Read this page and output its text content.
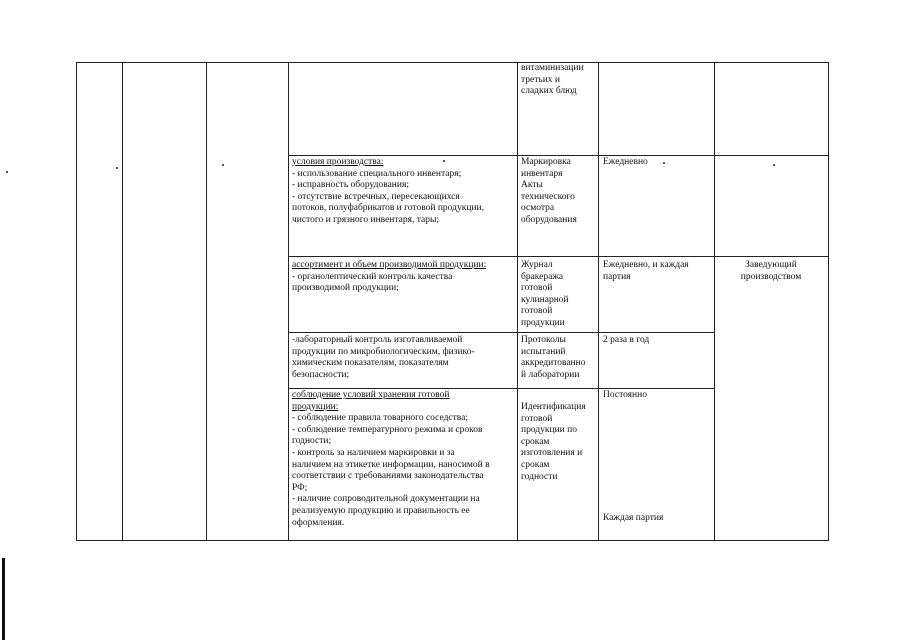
витаминизации
третьих и
сладких блюд
условия производства:
- использование специального инвентаря;
- исправность оборудования;
- отсутствие встречных, пересекающихся
потоков, полуфабрикатов и готовой продукции,
чистого и грязного инвентаря, тары;
Маркировка
инвентаря
Акты
технического
осмотра
оборудования
Ежедневно
ассортимент и объем производимой продукции:
- органолептический контроль качества
производимой продукции;
Журнал
бракеража
готовой
кулинарной
готовой
продукции
Ежедневно, и каждая
партия
Заведующий
производством
-лабораторный контроль изготавливаемой
продукции по микробиологическим, физико-
химическим показателям, показателям
безопасности;
Протоколы
испытаний
аккредитованно
й лаборатории
2 раза в год
соблюдение условий хранения готовой
продукции:
- соблюдение правила товарного соседства;
- соблюдение температурного режима и сроков
годности;
- контроль за наличием маркировки и за
наличием на этикетке информации, наносимой в
соответствии с требованиями законодательства
РФ;
- наличие сопроводительной документации на
реализуемую продукцию и правильность ее
оформления.
Идентификация
готовой
продукции по
срокам
изготовления и
срокам
годности
Постоянно
Каждая партия
